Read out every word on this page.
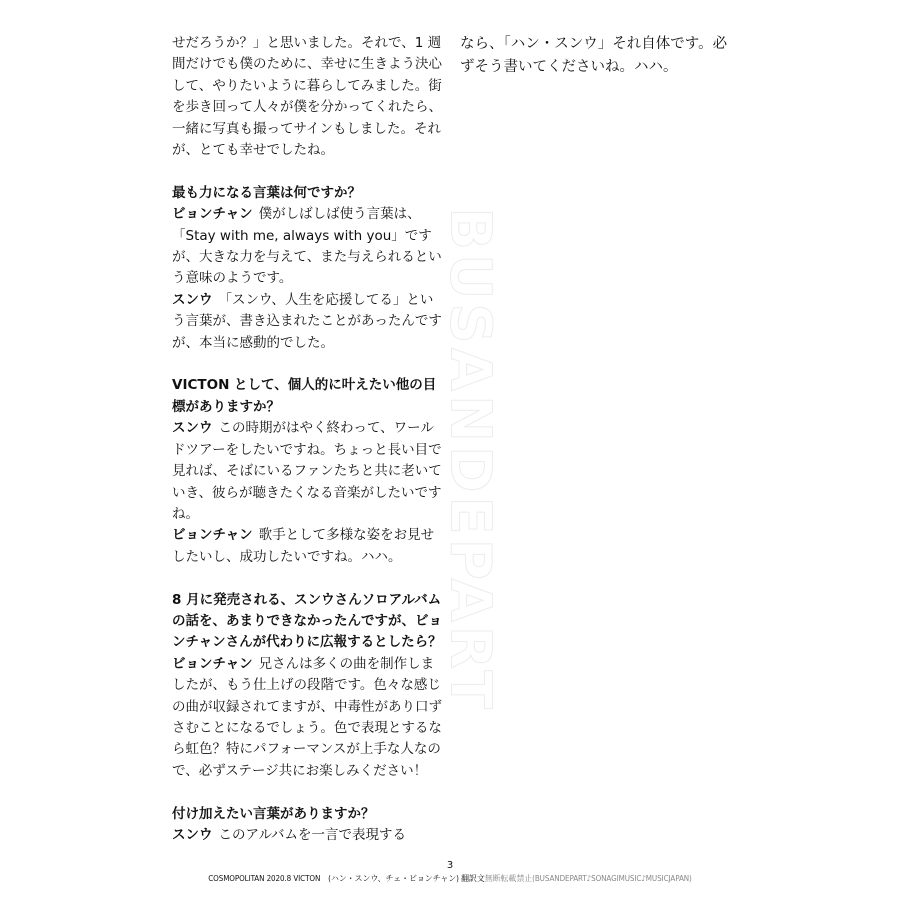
BUSANDEPART

せだろうか？」と思いました。それで、1 週間だけでも僕のために、幸せに生きよう決心して、やりたいように暮らしてみました。街を歩き回って人々が僕を分かってくれたら、一緒に写真も撮ってサインもしました。それが、とても幸せでしたね。

最も力になる言葉は何ですか？

ビョンチャン 僕がしばしば使う言葉は、「Stay with me, always with you」ですが、大きな力を与えて、また与えられるという意味のようです。

スンウ 「スンウ、人生を応援してる」という言葉が、書き込まれたことがあったんですが、本当に感動的でした。

VICTON として、個人的に叶えたい他の目標がありますか？

スンウ この時期がはやく終わって、ワールドツアーをしたいですね。ちょっと長い目で見れば、そばにいるファンたちと共に老いていき、彼らが聴きたくなる音楽がしたいですね。

ビョンチャン 歌手として多様な姿をお見せしたいし、成功したいですね。ハハ。

8 月に発売される、スンウさんソロアルバムの話を、あまりできなかったんですが、ビョンチャンさんが代わりに広報するとしたら？

ビョンチャン 兄さんは多くの曲を制作しましたが、もう仕上げの段階です。色々な感じの曲が収録されてますが、中毒性があり口ずさむことになるでしょう。色で表現とするなら虹色？特にパフォーマンスが上手な人なので、必ずステージ共にお楽しみください！

付け加えたい言葉がありますか？

スンウ このアルバムを一言で表現する

なら、「ハン・スンウ」それ自体です。必ずそう書いてくださいね。ハハ。

3
COSMOPOLITAN 2020.8 VICTON　(ハン・スンウ、チェ・ビョンチャン) 翻訳文無断転載禁止(BUSANDEPART♪SONAGIMUSIC♪MUSICJAPAN)
